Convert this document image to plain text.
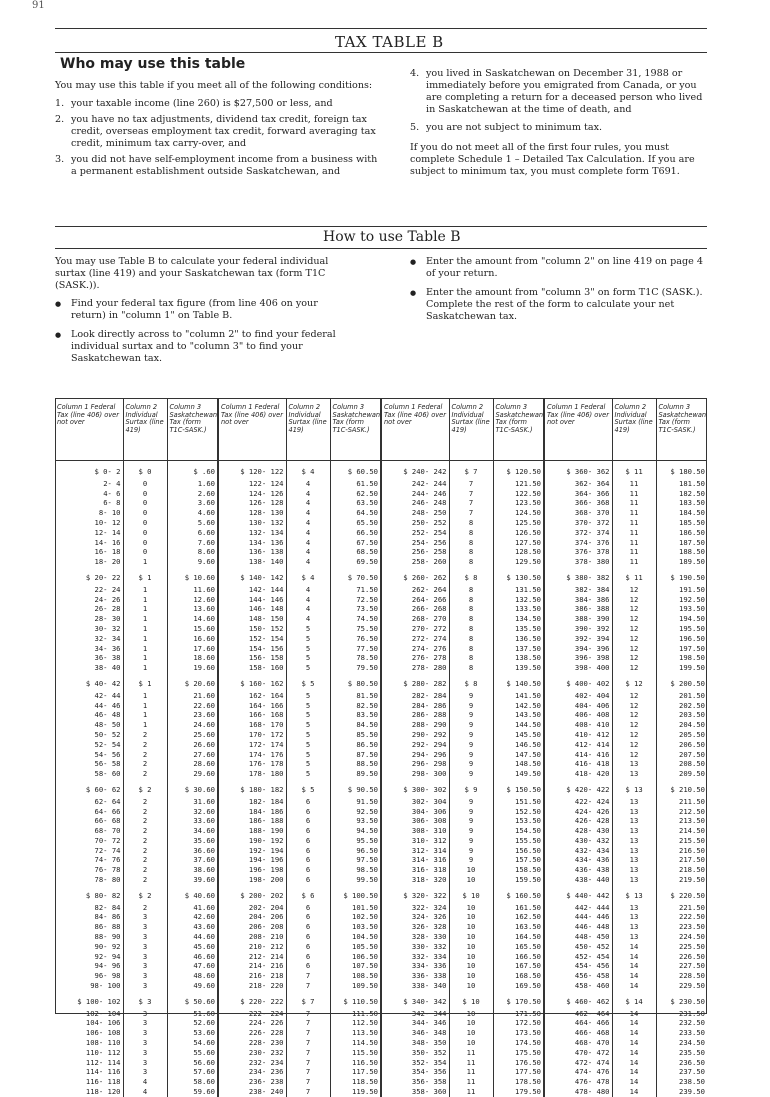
91
TAX TABLE B
Who may use this table

You may use this table if you meet all of the following conditions:

1. your taxable income (line 260) is $27,500 or less, and
2. you have no tax adjustments, dividend tax credit, foreign tax credit, overseas employment tax credit, forward averaging tax credit, minimum tax carry-over, and
3. you did not have self-employment income from a business with a permanent establishment outside Saskatchewan, and
4. you lived in Saskatchewan on December 31, 1988 or immediately before you emigrated from Canada, or you are completing a return for a deceased person who lived in Saskatchewan at the time of death, and
5. you are not subject to minimum tax.

If you do not meet all of the first four rules, you must complete Schedule 1 – Detailed Tax Calculation. If you are subject to minimum tax, you must complete form T691.

How to use Table B

You may use Table B to calculate your federal individual surtax (line 419) and your Saskatchewan tax (form T1C (SASK.)).

● Find your federal tax figure (from line 406 on your return) in "column 1" on Table B.
● Look directly across to "column 2" to find your federal individual surtax and to "column 3" to find your Saskatchewan tax.
● Enter the amount from "column 2" on line 419 on page 4 of your return.
● Enter the amount from "column 3" on form T1C (SASK.). Complete the rest of the form to calculate your net Saskatchewan tax.
Column 1 Federal Tax (line 406) over not over	Column 2 Individual Surtax (line 419)	Column 3 Saskatchewan Tax (form T1C-SASK.)	Column 1 Federal Tax (line 406) over not over	Column 2 Individual Surtax (line 419)	Column 3 Saskatchewan Tax (form T1C-SASK.)	Column 1 Federal Tax (line 406) over not over	Column 2 Individual Surtax (line 419)	Column 3 Saskatchewan Tax (form T1C-SASK.)	Column 1 Federal Tax (line 406) over not over	Column 2 Individual Surtax (line 419)	Column 3 Saskatchewan Tax (form T1C-SASK.)
$ 0- 2	$ 0	$ .60	$ 120- 122	$ 4	$ 60.50	$ 240- 242	$ 7	$ 120.50	$ 360- 362	$ 11	$ 180.50
2- 4	0	1.60	122- 124	4	61.50	242- 244	7	121.50	362- 364	11	181.50
4- 6	0	2.60	124- 126	4	62.50	244- 246	7	122.50	364- 366	11	182.50
6- 8	0	3.60	126- 128	4	63.50	246- 248	7	123.50	366- 368	11	183.50
8- 10	0	4.60	128- 130	4	64.50	248- 250	7	124.50	368- 370	11	184.50
10- 12	0	5.60	130- 132	4	65.50	250- 252	8	125.50	370- 372	11	185.50
12- 14	0	6.60	132- 134	4	66.50	252- 254	8	126.50	372- 374	11	186.50
14- 16	0	7.60	134- 136	4	67.50	254- 256	8	127.50	374- 376	11	187.50
16- 18	0	8.60	136- 138	4	68.50	256- 258	8	128.50	376- 378	11	188.50
18- 20	1	9.60	138- 140	4	69.50	258- 260	8	129.50	378- 380	11	189.50
$ 20- 22	$ 1	$ 10.60	$ 140- 142	$ 4	$ 70.50	$ 260- 262	$ 8	$ 130.50	$ 380- 382	$ 11	$ 190.50
22- 24	1	11.60	142- 144	4	71.50	262- 264	8	131.50	382- 384	12	191.50
24- 26	1	12.60	144- 146	4	72.50	264- 266	8	132.50	384- 386	12	192.50
26- 28	1	13.60	146- 148	4	73.50	266- 268	8	133.50	386- 388	12	193.50
28- 30	1	14.60	148- 150	4	74.50	268- 270	8	134.50	388- 390	12	194.50
30- 32	1	15.60	150- 152	5	75.50	270- 272	8	135.50	390- 392	12	195.50
32- 34	1	16.60	152- 154	5	76.50	272- 274	8	136.50	392- 394	12	196.50
34- 36	1	17.60	154- 156	5	77.50	274- 276	8	137.50	394- 396	12	197.50
36- 38	1	18.60	156- 158	5	78.50	276- 278	8	138.50	396- 398	12	198.50
38- 40	1	19.60	158- 160	5	79.50	278- 280	8	139.50	398- 400	12	199.50
$ 40- 42	$ 1	$ 20.60	$ 160- 162	$ 5	$ 80.50	$ 280- 282	$ 8	$ 140.50	$ 400- 402	$ 12	$ 200.50
42- 44	1	21.60	162- 164	5	81.50	282- 284	9	141.50	402- 404	12	201.50
44- 46	1	22.60	164- 166	5	82.50	284- 286	9	142.50	404- 406	12	202.50
46- 48	1	23.60	166- 168	5	83.50	286- 288	9	143.50	406- 408	12	203.50
48- 50	1	24.60	168- 170	5	84.50	288- 290	9	144.50	408- 410	12	204.50
50- 52	2	25.60	170- 172	5	85.50	290- 292	9	145.50	410- 412	12	205.50
52- 54	2	26.60	172- 174	5	86.50	292- 294	9	146.50	412- 414	12	206.50
54- 56	2	27.60	174- 176	5	87.50	294- 296	9	147.50	414- 416	12	207.50
56- 58	2	28.60	176- 178	5	88.50	296- 298	9	148.50	416- 418	13	208.50
58- 60	2	29.60	178- 180	5	89.50	298- 300	9	149.50	418- 420	13	209.50
$ 60- 62	$ 2	$ 30.60	$ 180- 182	$ 5	$ 90.50	$ 300- 302	$ 9	$ 150.50	$ 420- 422	$ 13	$ 210.50
62- 64	2	31.60	182- 184	6	91.50	302- 304	9	151.50	422- 424	13	211.50
64- 66	2	32.60	184- 186	6	92.50	304- 306	9	152.50	424- 426	13	212.50
66- 68	2	33.60	186- 188	6	93.50	306- 308	9	153.50	426- 428	13	213.50
68- 70	2	34.60	188- 190	6	94.50	308- 310	9	154.50	428- 430	13	214.50
70- 72	2	35.60	190- 192	6	95.50	310- 312	9	155.50	430- 432	13	215.50
72- 74	2	36.60	192- 194	6	96.50	312- 314	9	156.50	432- 434	13	216.50
74- 76	2	37.60	194- 196	6	97.50	314- 316	9	157.50	434- 436	13	217.50
76- 78	2	38.60	196- 198	6	98.50	316- 318	10	158.50	436- 438	13	218.50
78- 80	2	39.60	198- 200	6	99.50	318- 320	10	159.50	438- 440	13	219.50
$ 80- 82	$ 2	$ 40.60	$ 200- 202	$ 6	$ 100.50	$ 320- 322	$ 10	$ 160.50	$ 440- 442	$ 13	$ 220.50
82- 84	2	41.60	202- 204	6	101.50	322- 324	10	161.50	442- 444	13	221.50
84- 86	3	42.60	204- 206	6	102.50	324- 326	10	162.50	444- 446	13	222.50
86- 88	3	43.60	206- 208	6	103.50	326- 328	10	163.50	446- 448	13	223.50
88- 90	3	44.60	208- 210	6	104.50	328- 330	10	164.50	448- 450	13	224.50
90- 92	3	45.60	210- 212	6	105.50	330- 332	10	165.50	450- 452	14	225.50
92- 94	3	46.60	212- 214	6	106.50	332- 334	10	166.50	452- 454	14	226.50
94- 96	3	47.60	214- 216	6	107.50	334- 336	10	167.50	454- 456	14	227.50
96- 98	3	48.60	216- 218	7	108.50	336- 338	10	168.50	456- 458	14	228.50
98- 100	3	49.60	218- 220	7	109.50	338- 340	10	169.50	458- 460	14	229.50
$ 100- 102	$ 3	$ 50.60	$ 220- 222	$ 7	$ 110.50	$ 340- 342	$ 10	$ 170.50	$ 460- 462	$ 14	$ 230.50
102- 104	3	51.60	222- 224	7	111.50	342- 344	10	171.50	462- 464	14	231.50
104- 106	3	52.60	224- 226	7	112.50	344- 346	10	172.50	464- 466	14	232.50
106- 108	3	53.60	226- 228	7	113.50	346- 348	10	173.50	466- 468	14	233.50
108- 110	3	54.60	228- 230	7	114.50	348- 350	10	174.50	468- 470	14	234.50
110- 112	3	55.60	230- 232	7	115.50	350- 352	11	175.50	470- 472	14	235.50
112- 114	3	56.60	232- 234	7	116.50	352- 354	11	176.50	472- 474	14	236.50
114- 116	3	57.60	234- 236	7	117.50	354- 356	11	177.50	474- 476	14	237.50
116- 118	4	58.60	236- 238	7	118.50	356- 358	11	178.50	476- 478	14	238.50
118- 120	4	59.60	238- 240	7	119.50	358- 360	11	179.50	478- 480	14	239.50
